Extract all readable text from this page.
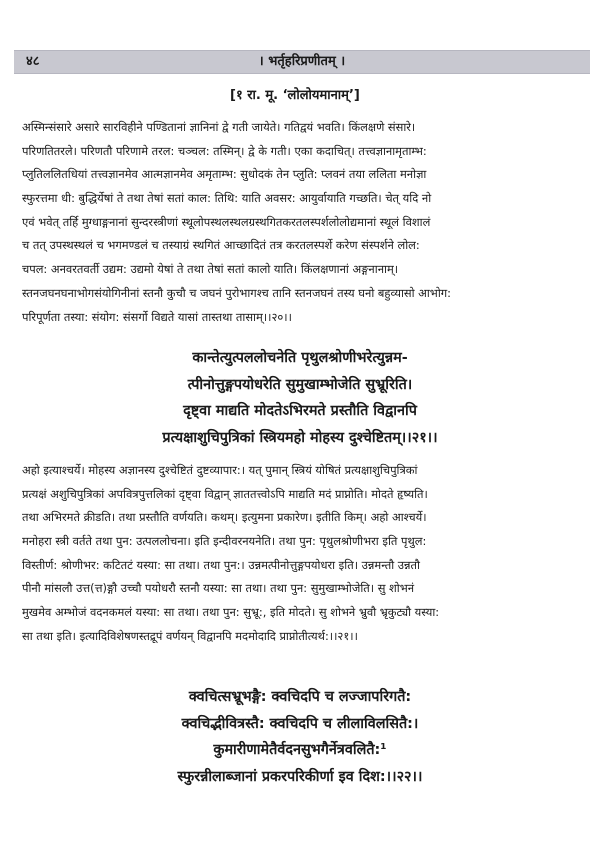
४८	। भर्तृहरिप्रणीतम् ।
[१ रा. मू. ‘लोलोयमानाम्’]
अस्मिन्संसारे असारे सारविहीने पण्डितानां ज्ञानिनां द्वे गती जायेते। गतिद्वयं भवति। किंलक्षणे संसारे।
परिणतितरले। परिणतौ परिणामे तरल: चञ्चल: तस्मिन्। द्वे के गती। एका कदाचित्। तत्त्वज्ञानामृताम्भ:
प्लुतिललितधियां तत्त्वज्ञानमेव आत्मज्ञानमेव अमृताम्भ: सुधोदकं तेन प्लुति: प्लवनं तया ललिता मनोज्ञा
स्फुरत्तमा धी: बुद्धिर्येषां ते तथा तेषां सतां काल: तिथि: याति अवसर: आयुर्वायाति गच्छति। चेत् यदि नो
एवं भवेत् तर्हि मुग्धाङ्गनानां सुन्दरस्त्रीणां स्थूलोपस्थलस्थलग्रस्थगितकरतलस्पर्शलोलोद्यमानां स्थूलं विशालं
च तत् उपस्थस्थलं च भगमण्डलं च तस्याग्रं स्थगितं आच्छादितं तत्र करतलस्पर्शे करेण संस्पर्शने लोल:
चपल: अनवरतवर्ती उद्यम: उद्यमो येषां ते तथा तेषां सतां कालो याति। किंलक्षणानां अङ्गनानाम्।
स्तनजघनघनाभोगसंयोगिनीनां स्तनौ कुचौ च जघनं पुरोभागश्च तानि स्तनजघनं तस्य घनो बहुव्यासो आभोग:
परिपूर्णता तस्या: संयोग: संसर्गो विद्यते यासां तास्तथा तासाम्।।२०।।
कान्तेत्युत्पललोचनेति पृथुलश्रोणीभरेत्युन्नम-
त्पीनोत्तुङ्गपयोधरेति सुमुखाम्भोजेति सुभ्रूरिति।
दृष्ट्वा माद्यति मोदतेऽभिरमते प्रस्तौति विद्वानपि
प्रत्यक्षाशुचिपुत्रिकां स्त्रियमहो मोहस्य दुश्चेष्टितम्।।२१।।
अहो इत्याश्चर्ये। मोहस्य अज्ञानस्य दुश्चेष्टितं दुष्टव्यापार:। यत् पुमान् स्त्रियं योषितं प्रत्यक्षाशुचिपुत्रिकां
प्रत्यक्षं अशुचिपुत्रिकां अपवित्रपुत्तलिकां दृष्ट्वा विद्वान् ज्ञाततत्त्वोऽपि माद्यति मदं प्राप्नोति। मोदते हृष्यति।
तथा अभिरमते क्रीडति। तथा प्रस्तौति वर्णयति। कथम्। इत्युमना प्रकारेण। इतीति किम्। अहो आश्चर्ये।
मनोहरा स्त्री वर्तते तथा पुन: उत्पललोचना। इति इन्दीवरनयनेति। तथा पुन: पृथुलश्रोणीभरा इति पृथुल:
विस्तीर्ण: श्रोणीभर: कटितटं यस्या: सा तथा। तथा पुन:। उन्नमत्पीनोत्तुङ्गपयोधरा इति। उन्नमन्तौ उन्नतौ
पीनौ मांसलौ उत्त(त्त)ङ्गौ उच्चौ पयोधरौ स्तनौ यस्या: सा तथा। तथा पुन: सुमुखाम्भोजेति। सु शोभनं
मुखमेव अम्भोजं वदनकमलं यस्या: सा तथा। तथा पुन: सुभ्रू:, इति मोदते। सु शोभने भ्रुवौ भ्रृकुट्यौ यस्या:
सा तथा इति। इत्यादिविशेषणस्तद्रूपं वर्णयन् विद्वानपि मदमोदादि प्राप्नोतीत्यर्थ:।।२१।।
क्वचित्सभ्रूभङ्गै: क्वचिदपि च लज्जापरिगतै:
क्वचिद्भीवित्रस्तै: क्वचिदपि च लीलाविलसितै:।
कुमारीणामेतैर्वदनसुभगैर्नेत्रवलितै:¹
स्फुरन्नीलाब्जानां प्रकरपरिकीर्णा इव दिश:।।२२।।
